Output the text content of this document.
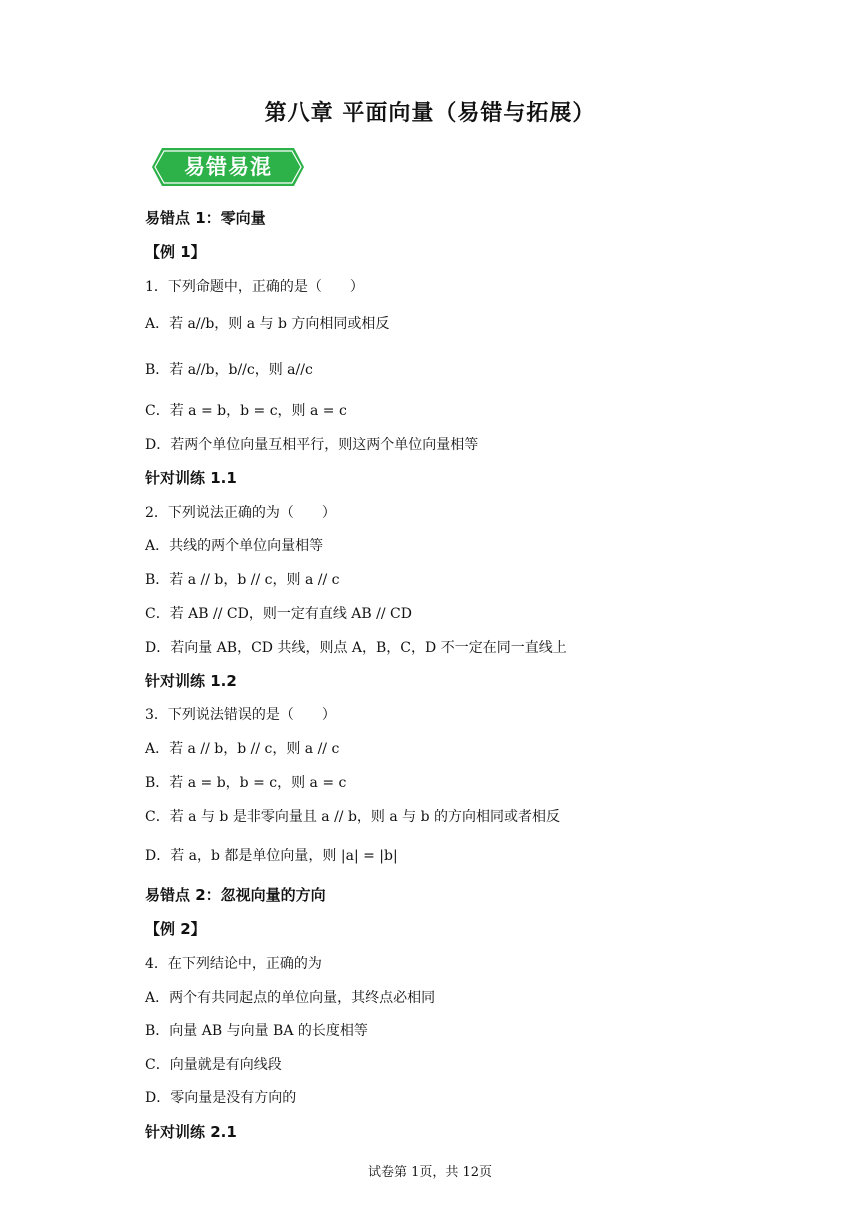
第八章 平面向量（易错与拓展）
易错易混
易错点 1：零向量
【例 1】
1．下列命题中，正确的是（　　）
A．若 a//b，则 a 与 b 方向相同或相反
B．若 a//b，b//c，则 a//c
C．若 a = b，b = c，则 a = c
D．若两个单位向量互相平行，则这两个单位向量相等
针对训练 1.1
2．下列说法正确的为（　　）
A．共线的两个单位向量相等
B．若 a // b，b // c，则 a // c
C．若 AB // CD，则一定有直线 AB // CD
D．若向量 AB，CD 共线，则点 A，B，C，D 不一定在同一直线上
针对训练 1.2
3．下列说法错误的是（　　）
A．若 a // b，b // c，则 a // c
B．若 a = b，b = c，则 a = c
C．若 a 与 b 是非零向量且 a // b，则 a 与 b 的方向相同或者相反
D．若 a，b 都是单位向量，则 |a| = |b|
易错点 2：忽视向量的方向
【例 2】
4．在下列结论中，正确的为
A．两个有共同起点的单位向量，其终点必相同
B．向量 AB 与向量 BA 的长度相等
C．向量就是有向线段
D．零向量是没有方向的
针对训练 2.1
试卷第 1页，共 12页
